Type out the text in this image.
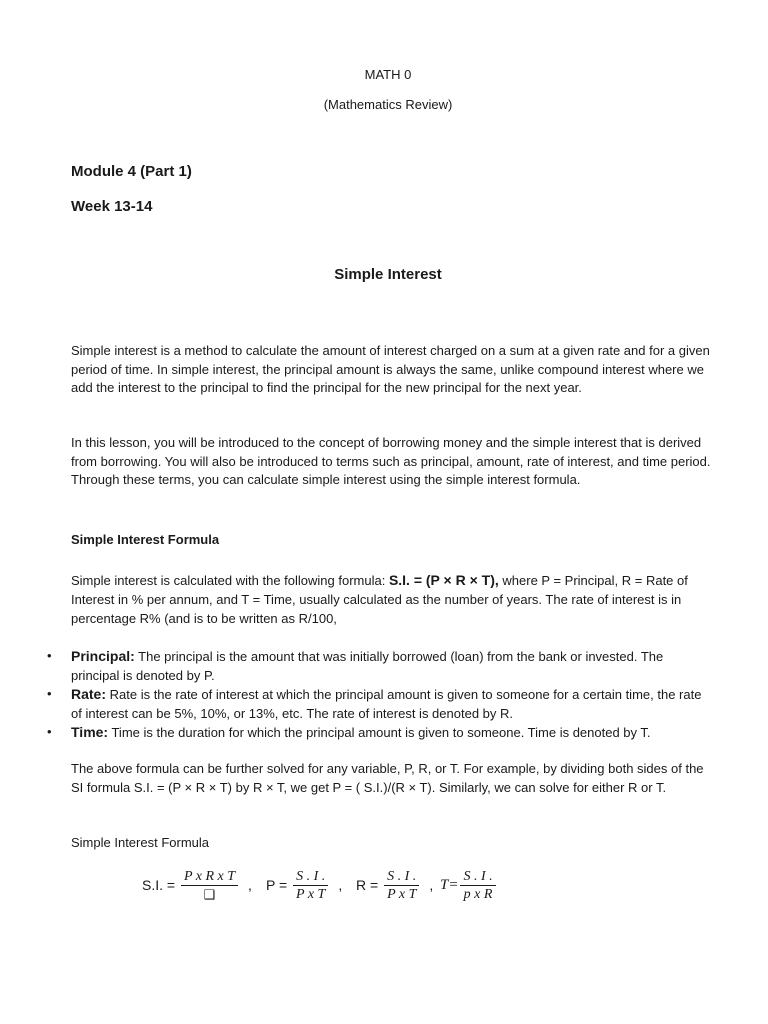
MATH 0
(Mathematics Review)
Module 4 (Part 1)
Week 13-14
Simple Interest

Simple interest is a method to calculate the amount of interest charged on a sum at a given rate and for a given period of time. In simple interest, the principal amount is always the same, unlike compound interest where we add the interest to the principal to find the principal for the new principal for the next year.

In this lesson, you will be introduced to the concept of borrowing money and the simple interest that is derived from borrowing. You will also be introduced to terms such as principal, amount, rate of interest, and time period. Through these terms, you can calculate simple interest using the simple interest formula.

Simple Interest Formula

Simple interest is calculated with the following formula: S.I. = (P × R × T), where P = Principal, R = Rate of Interest in % per annum, and T = Time, usually calculated as the number of years. The rate of interest is in percentage R% (and is to be written as R/100,

• Principal: The principal is the amount that was initially borrowed (loan) from the bank or invested. The principal is denoted by P.
• Rate: Rate is the rate of interest at which the principal amount is given to someone for a certain time, the rate of interest can be 5%, 10%, or 13%, etc. The rate of interest is denoted by R.
• Time: Time is the duration for which the principal amount is given to someone. Time is denoted by T.

The above formula can be further solved for any variable, P, R, or T. For example, by dividing both sides of the SI formula S.I. = (P × R × T) by R × T, we get P = ( S.I.)/(R × T). Similarly, we can solve for either R or T.

Simple Interest Formula

S.I. = $\frac{\text{P x R x T}}{❑}$ , $P = \frac{S . I .}{\text{P x T}}$ , $R = \frac{S . I .}{\text{P x T}}$ , $T= \frac{S . I .}{\text{p x R}}$
